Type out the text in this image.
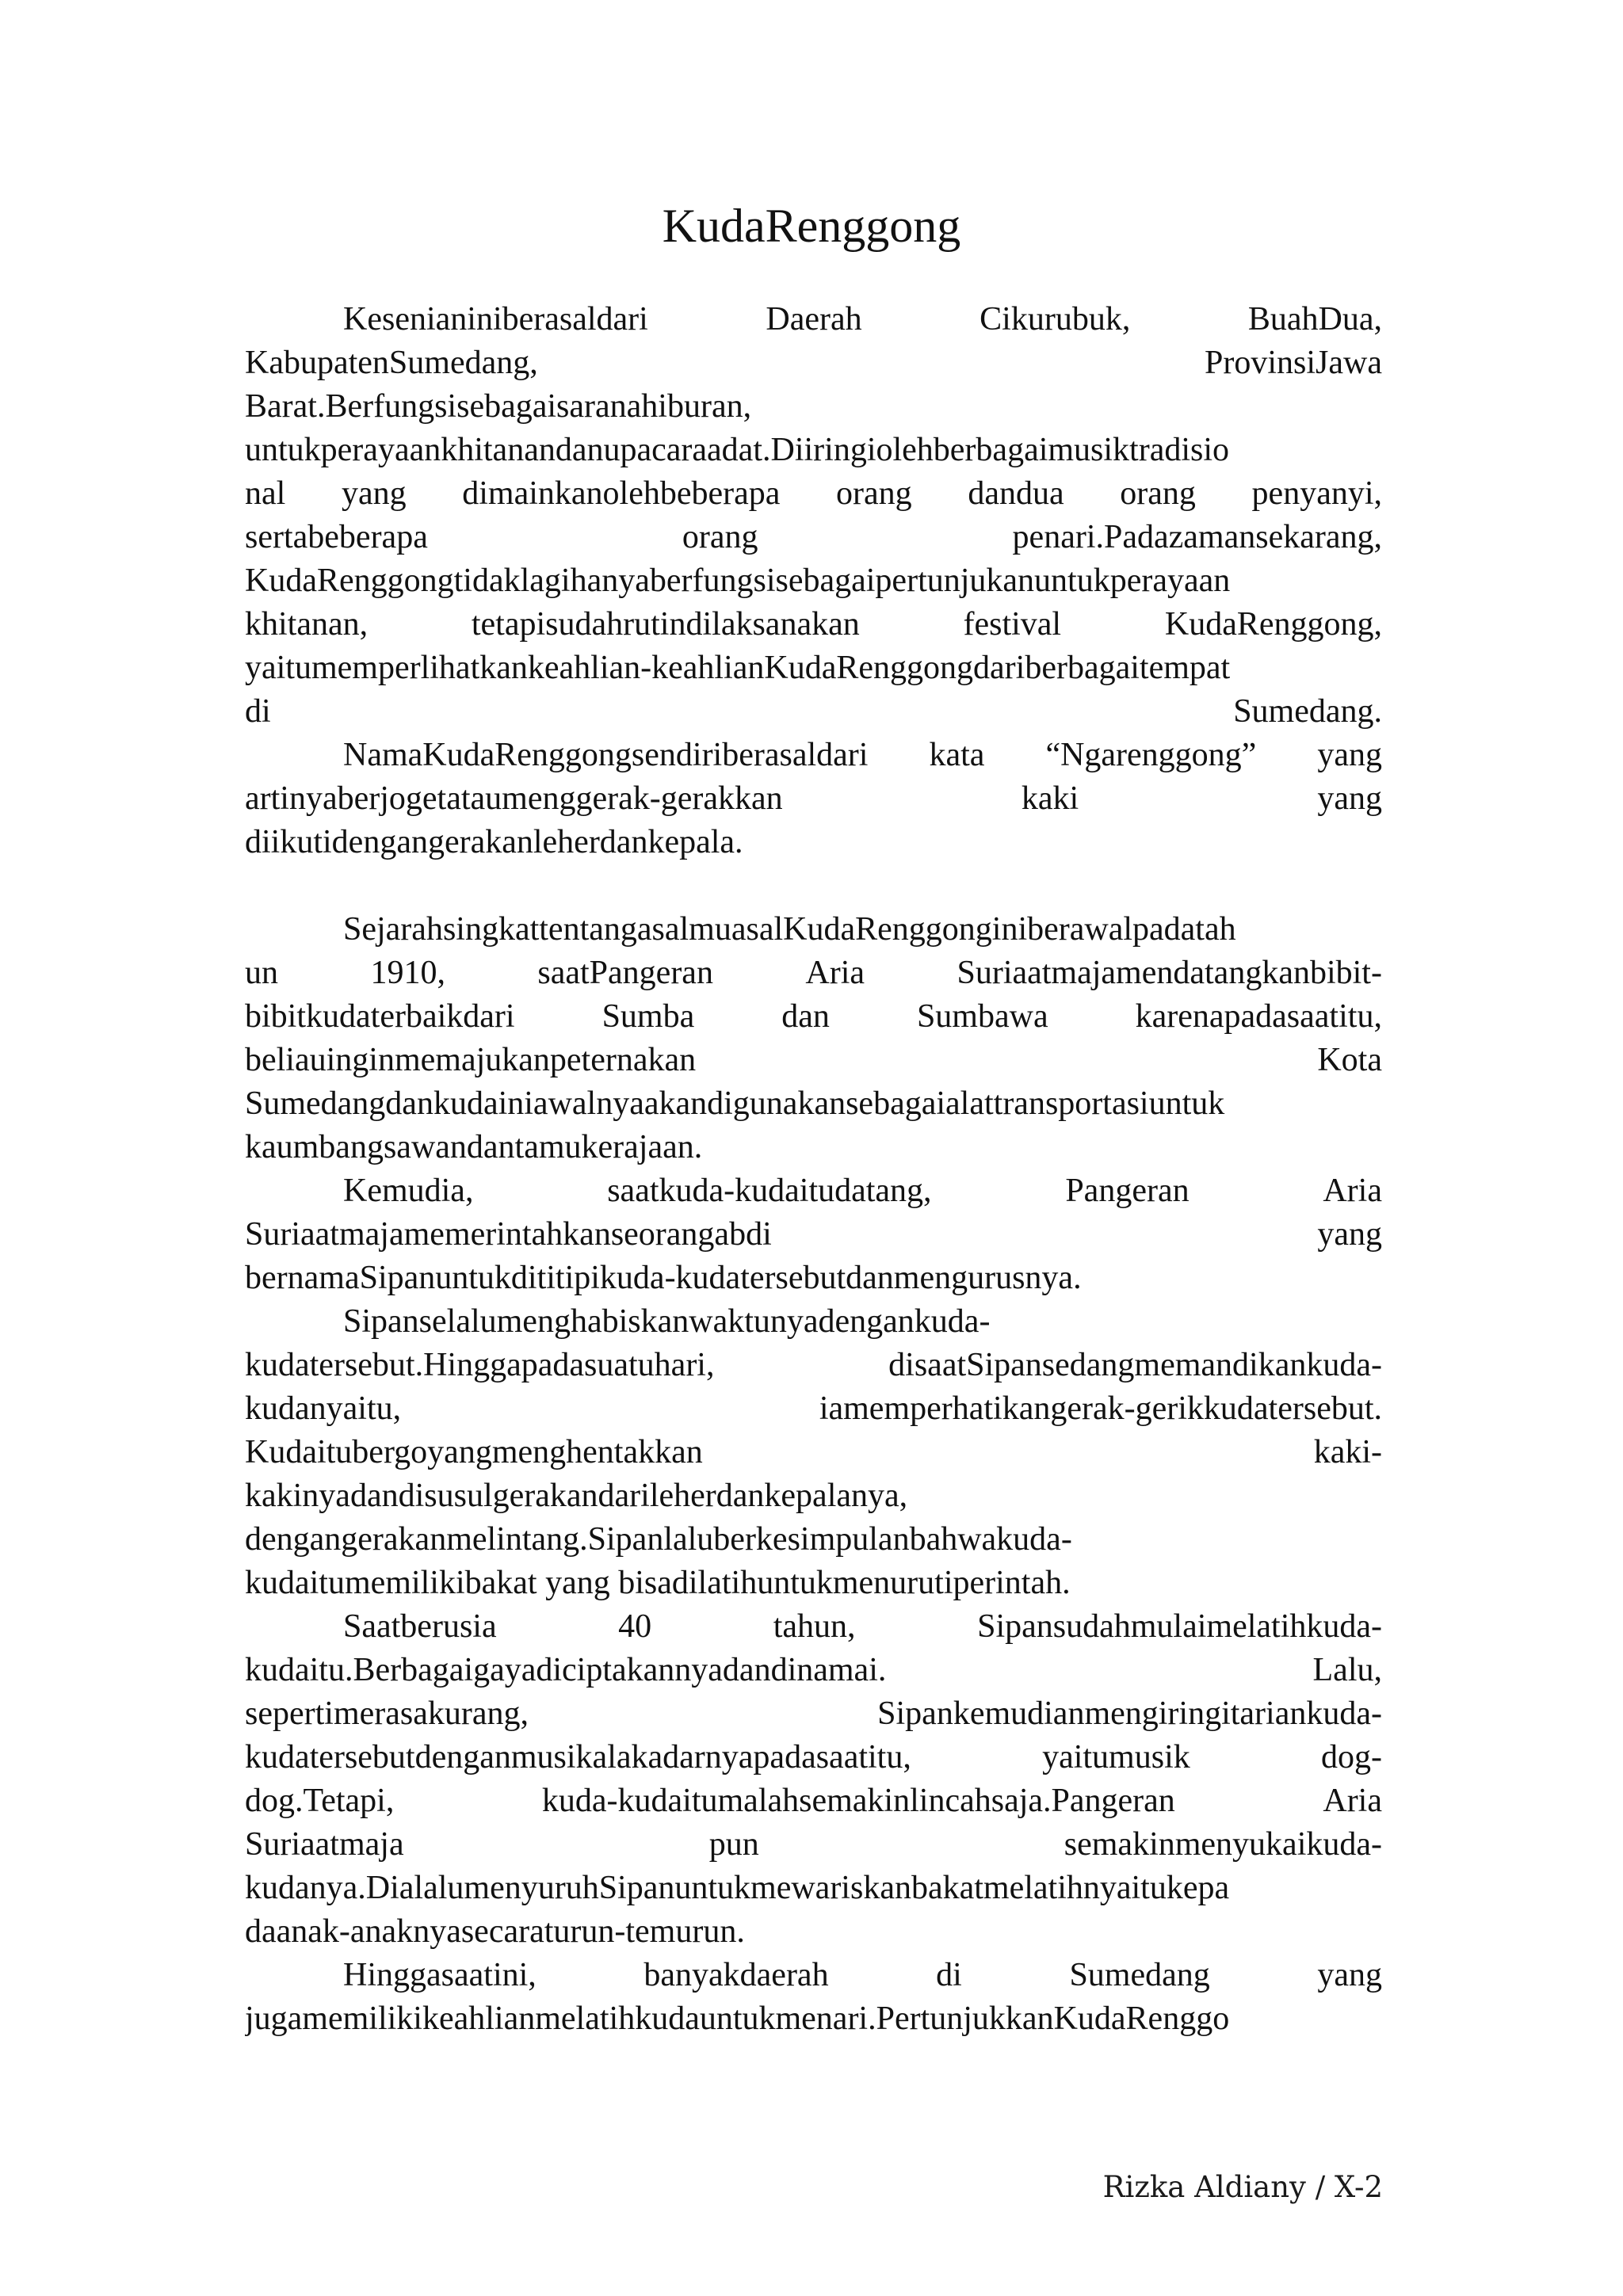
KudaRenggong
Kesenianiniberasaldari	Daerah	Cikurubuk,	BuahDua,
KabupatenSumedang,	ProvinsiJawa
Barat.Berfungsisebagaisaranahiburan,
untukperayaankhitanandanupacaraadat.Diiringiolehberbagaimusiktradisio
nal yang dimainkanolehbeberapa orang dandua orang penyanyi,
sertabeberapa	orang	penari.Padazamansekarang,
KudaRenggongtidaklagihanyaberfungsisebagaipertunjukanuntukperayaan
khitanan,	tetapisudahrutindilaksanakan	festival	KudaRenggong,
yaitumemperlihatkankeahlian-keahlianKudaRenggongdariberbagaitempat
di	Sumedang.
NamaKudaRenggongsendiriberasaldari kata “Ngarenggong” yang
artinyaberjogetataumenggerak-gerakkan	kaki	yang
diikutidengangerakanleherdankepala.
SejarahsingkattentangasalmuasalKudaRenggonginiberawalpadatah
un	1910,	saatPangeran	Aria	Suriaatmajamendatangkanbibit-
bibitkudaterbaikdari	Sumba	dan	Sumbawa	karenapadasaatitu,
beliauinginmemajukanpeternakan	Kota
Sumedangdankudainiawalnyaakandigunakansebagaialattransportasiuntuk
kaumbangsawandantamukerajaan.
Kemudia,	saatkuda-kudaitudatang,	Pangeran	Aria
Suriaatmajamemerintahkanseorangabdi	yang
bernamaSipanuntukdititipikuda-kudatersebutdanmengurusnya.
Sipanselalumenghabiskanwaktunyadengankuda-
kudatersebut.Hinggapadasuatuhari,	disaatSipansedangmemandikankuda-
kudanyaitu,	iamemperhatikangerak-gerikkudatersebut.
Kudaitubergoyangmenghentakkan	kaki-
kakinyadandisusulgerakandarileherdankepalanya,
dengangerakanmelintang.Sipanlaluberkesimpulanbahwakuda-
kudaitumemilikibakat yang bisadilatihuntukmenurutiperintah.
Saatberusia	40	tahun,	Sipansudahmulaimelatihkuda-
kudaitu.Berbagaigayadiciptakannyadandinamai.	Lalu,
sepertimerasakurang,	Sipankemudianmengiringitariankuda-
kudatersebutdenganmusikalakadarnyapadasaatitu,	yaitumusik	dog-
dog.Tetapi,	kuda-kudaitumalahsemakinlincahsaja.Pangeran	Aria
Suriaatmaja	pun	semakinmenyukaikuda-
kudanya.DialalumenyuruhSipanuntukmewariskanbakatmelatihnyaitukepa
daanak-anaknyasecaraturun-temurun.
Hinggasaatini,	banyakdaerah	di	Sumedang	yang
jugamemilikikeahlianmelatihkudauntukmenari.PertunjukkanKudaRenggo
Rizka Aldiany / X-2
